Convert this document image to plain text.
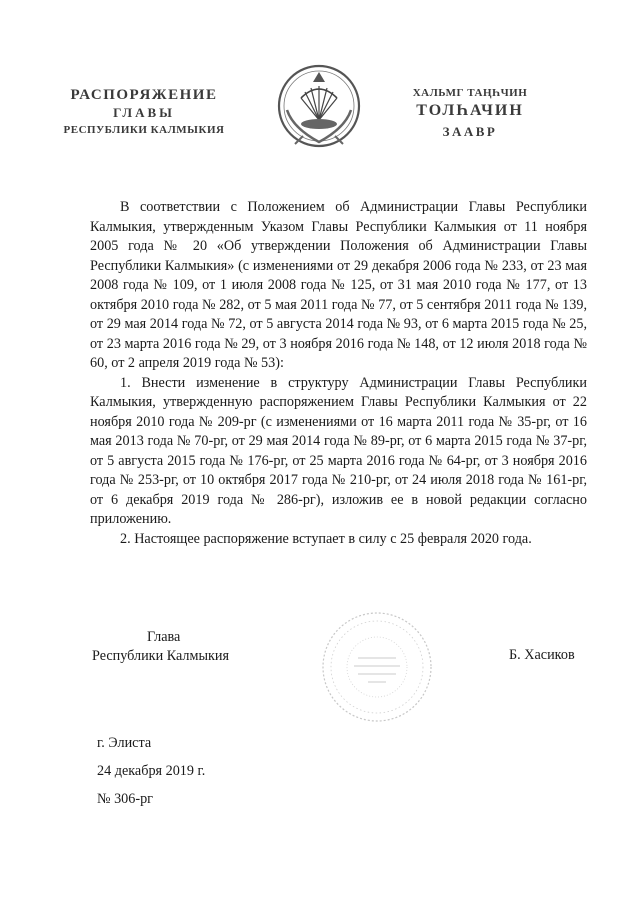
РАСПОРЯЖЕНИЕ
ГЛАВЫ
РЕСПУБЛИКИ КАЛМЫКИЯ
ХАЛЬМГ ТАҢҺЧИН
ТОЛҺАЧИН
ЗААВР

В соответствии с Положением об Администрации Главы Республики Калмыкия, утвержденным Указом Главы Республики Калмыкия от 11 ноября 2005 года № 20 «Об утверждении Положения об Администрации Главы Республики Калмыкия» (с изменениями от 29 декабря 2006 года № 233, от 23 мая 2008 года № 109, от 1 июля 2008 года № 125, от 31 мая 2010 года № 177, от 13 октября 2010 года № 282, от 5 мая 2011 года № 77, от 5 сентября 2011 года № 139, от 29 мая 2014 года № 72, от 5 августа 2014 года № 93, от 6 марта 2015 года № 25, от 23 марта 2016 года № 29, от 3 ноября 2016 года № 148, от 12 июля 2018 года № 60, от 2 апреля 2019 года № 53):

1. Внести изменение в структуру Администрации Главы Республики Калмыкия, утвержденную распоряжением Главы Республики Калмыкия от 22 ноября 2010 года № 209-рг (с изменениями от 16 марта 2011 года № 35-рг, от 16 мая 2013 года № 70-рг, от 29 мая 2014 года № 89-рг, от 6 марта 2015 года № 37-рг, от 5 августа 2015 года № 176-рг, от 25 марта 2016 года № 64-рг, от 3 ноября 2016 года № 253-рг, от 10 октября 2017 года № 210-рг, от 24 июля 2018 года № 161-рг, от 6 декабря 2019 года № 286-рг), изложив ее в новой редакции согласно приложению.

2. Настоящее распоряжение вступает в силу с 25 февраля 2020 года.

Глава
Республики Калмыкия	Б. Хасиков
г. Элиста
24 декабря 2019 г.
№ 306-рг
